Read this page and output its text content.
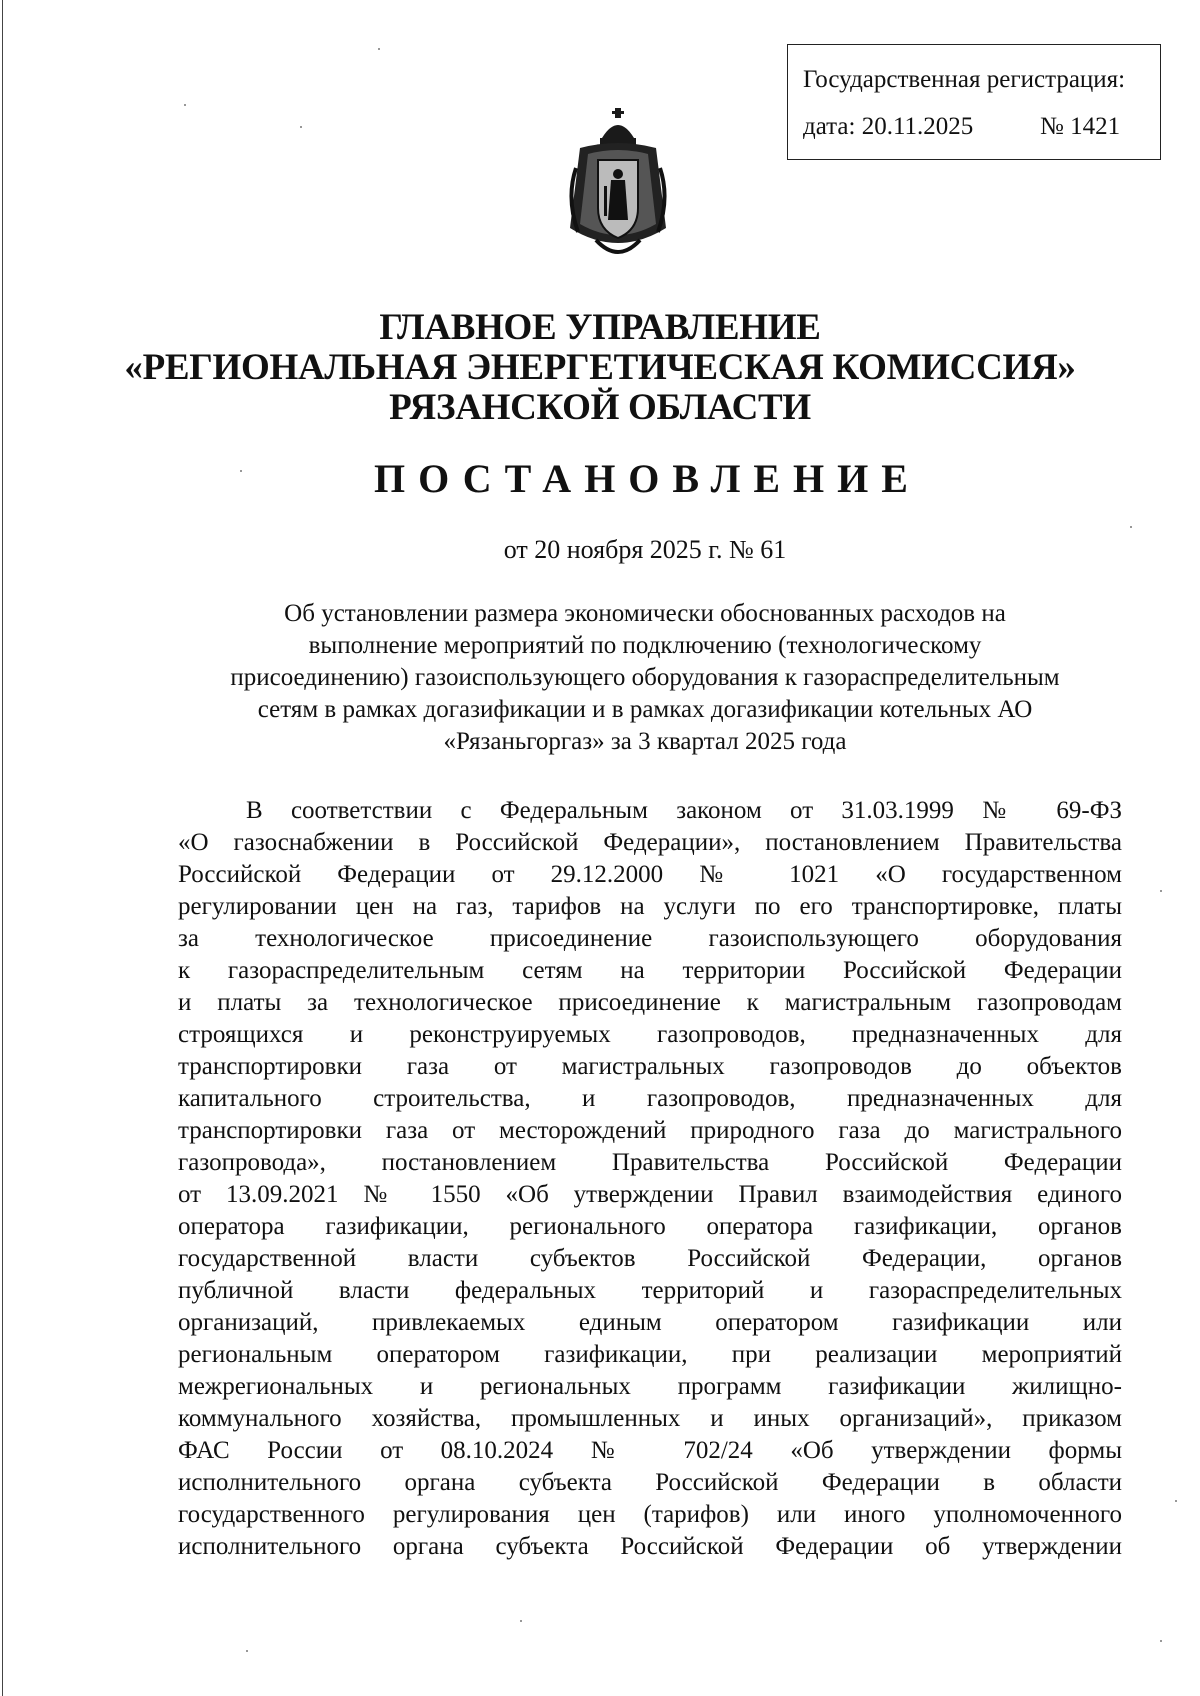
Государственная регистрация:
дата: 20.11.2025	№ 1421
ГЛАВНОЕ УПРАВЛЕНИЕ
«РЕГИОНАЛЬНАЯ ЭНЕРГЕТИЧЕСКАЯ КОМИССИЯ»
РЯЗАНСКОЙ ОБЛАСТИ
ПОСТАНОВЛЕНИЕ
от 20 ноября 2025 г. № 61
Об установлении размера экономически обоснованных расходов на
выполнение мероприятий по подключению (технологическому
присоединению) газоиспользующего оборудования к газораспределительным
сетям в рамках догазификации и в рамках догазификации котельных АО
«Рязаньгоргаз» за 3 квартал 2025 года
В соответствии с Федеральным законом от 31.03.1999 № 69-ФЗ
«О газоснабжении в Российской Федерации», постановлением Правительства
Российской Федерации от 29.12.2000 № 1021 «О государственном
регулировании цен на газ, тарифов на услуги по его транспортировке, платы
за технологическое присоединение газоиспользующего оборудования
к газораспределительным сетям на территории Российской Федерации
и платы за технологическое присоединение к магистральным газопроводам
строящихся и реконструируемых газопроводов, предназначенных для
транспортировки газа от магистральных газопроводов до объектов
капитального строительства, и газопроводов, предназначенных для
транспортировки газа от месторождений природного газа до магистрального
газопровода», постановлением Правительства Российской Федерации
от 13.09.2021 № 1550 «Об утверждении Правил взаимодействия единого
оператора газификации, регионального оператора газификации, органов
государственной власти субъектов Российской Федерации, органов
публичной власти федеральных территорий и газораспределительных
организаций, привлекаемых единым оператором газификации или
региональным оператором газификации, при реализации мероприятий
межрегиональных и региональных программ газификации жилищно-
коммунального хозяйства, промышленных и иных организаций», приказом
ФАС России от 08.10.2024 № 702/24 «Об утверждении формы
исполнительного органа субъекта Российской Федерации в области
государственного регулирования цен (тарифов) или иного уполномоченного
исполнительного органа субъекта Российской Федерации об утверждении
